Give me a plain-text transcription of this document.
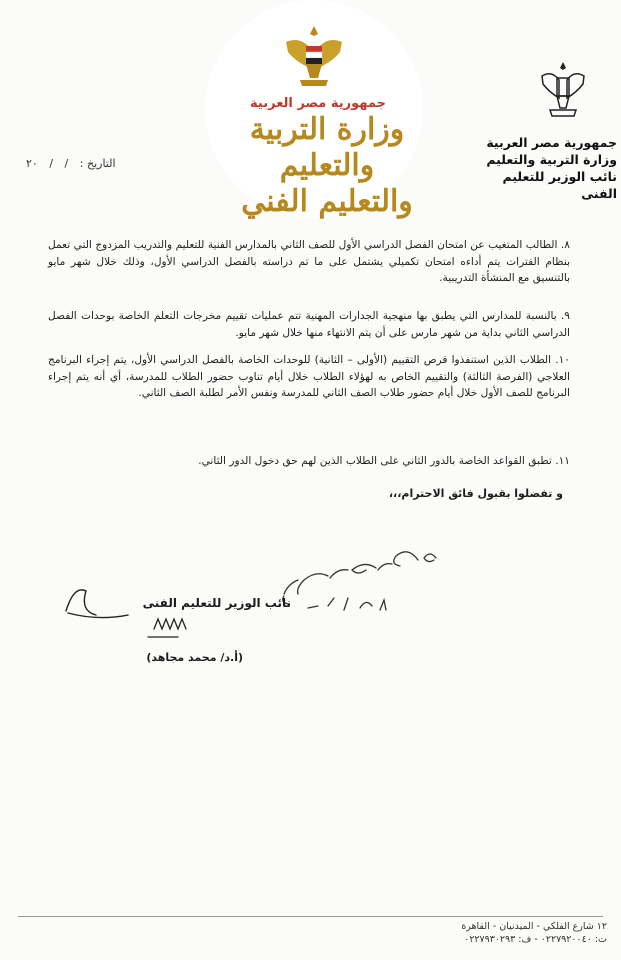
جمهورية مصر العربية
وزارة التربية والتعليم
والتعليم الفني
جمهورية مصر العربية
وزارة التربية والتعليم
نائب الوزير للتعليم الفنى
التاريخ : / / ٢٠
٨. الطالب المتغيب عن امتحان الفصل الدراسي الأول للصف الثاني بالمدارس الفنية للتعليم والتدريب المزدوج التي تعمل بنظام الفترات يتم أداءه امتحان تكميلي يشتمل على ما تم دراسته بالفصل الدراسي الأول، وذلك خلال شهر مايو بالتنسيق مع المنشأة التدريبية.
٩. بالنسبة للمدارس التي يطبق بها منهجية الجدارات المهنية تتم عمليات تقييم مخرجات التعلم الخاصة بوحدات الفصل الدراسي الثاني بداية من شهر مارس على أن يتم الانتهاء منها خلال شهر مايو.
١٠. الطلاب الذين استنفذوا فرص التقييم (الأولى – الثانية) للوحدات الخاصة بالفصل الدراسي الأول، يتم إجراء البرنامج العلاجي (الفرصة الثالثة) والتقييم الخاص به لهؤلاء الطلاب خلال أيام تناوب حضور الطلاب للمدرسة، أي أنه يتم إجراء البرنامج للصف الأول خلال أيام حضور طلاب الصف الثاني للمدرسة ونفس الأمر لطلبة الصف الثاني.
١١. تطبق القواعد الخاصة بالدور الثاني على الطلاب الذين لهم حق دخول الدور الثاني.
و تفضلوا بقبول فائق الاحترام،،،
نائب الوزير للتعليم الفنى
(أ.د/ محمد مجاهد)
١٢ شارع الفلكي - الميدنيان - القاهرة
ت: ٠٢٢٧٩٢٠٠٤٠ - ف: ٠٢٢٧٩٣٠٢٩٣
